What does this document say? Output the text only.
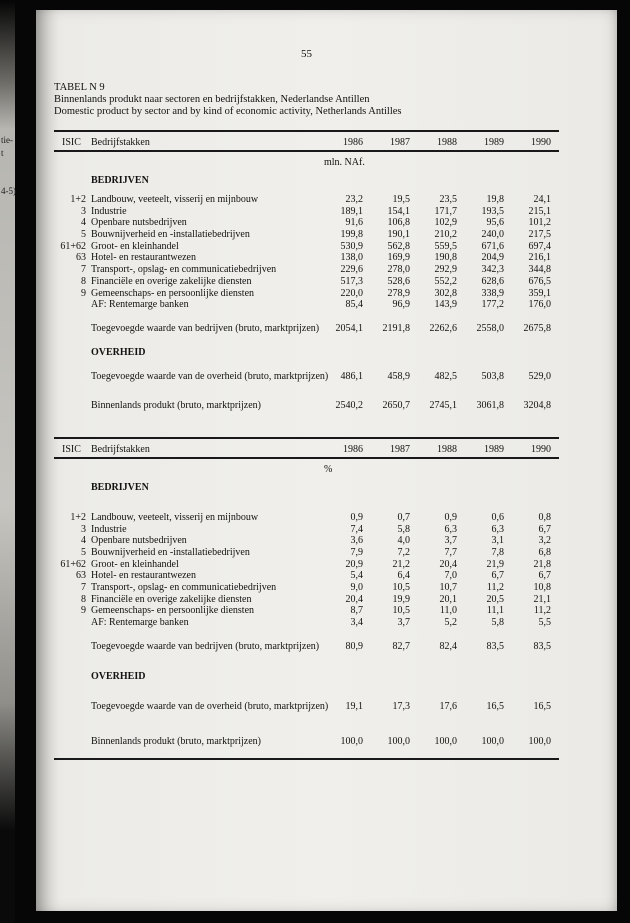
tie-
t
4-5)
55
TABEL N 9
Binnenlands produkt naar sectoren en bedrijfstakken, Nederlandse Antillen
Domestic product by sector and by kind of economic activity, Netherlands Antilles
ISIC	Bedrijfstakken	1986	1987	1988	1989	1990
mln. NAf.
BEDRIJVEN
1+2 Landbouw, veeteelt, visserij en mijnbouw	23,2	19,5	23,5	19,8	24,1
3 Industrie	189,1	154,1	171,7	193,5	215,1
4 Openbare nutsbedrijven	91,6	106,8	102,9	95,6	101,2
5 Bouwnijverheid en -installatiebedrijven	199,8	190,1	210,2	240,0	217,5
61+62 Groot- en kleinhandel	530,9	562,8	559,5	671,6	697,4
63 Hotel- en restaurantwezen	138,0	169,9	190,8	204,9	216,1
7 Transport-, opslag- en communicatiebedrijven	229,6	278,0	292,9	342,3	344,8
8 Financiële en overige zakelijke diensten	517,3	528,6	552,2	628,6	676,5
9 Gemeenschaps- en persoonlijke diensten	220,0	278,9	302,8	338,9	359,1
AF: Rentemarge banken	85,4	96,9	143,9	177,2	176,0
Toegevoegde waarde van bedrijven (bruto, marktprijzen)	2054,1	2191,8	2262,6	2558,0	2675,8
OVERHEID
Toegevoegde waarde van de overheid (bruto, marktprijzen)	486,1	458,9	482,5	503,8	529,0
Binnenlands produkt (bruto, marktprijzen)	2540,2	2650,7	2745,1	3061,8	3204,8
ISIC	Bedrijfstakken	1986	1987	1988	1989	1990
%
BEDRIJVEN
1+2 Landbouw, veeteelt, visserij en mijnbouw	0,9	0,7	0,9	0,6	0,8
3 Industrie	7,4	5,8	6,3	6,3	6,7
4 Openbare nutsbedrijven	3,6	4,0	3,7	3,1	3,2
5 Bouwnijverheid en -installatiebedrijven	7,9	7,2	7,7	7,8	6,8
61+62 Groot- en kleinhandel	20,9	21,2	20,4	21,9	21,8
63 Hotel- en restaurantwezen	5,4	6,4	7,0	6,7	6,7
7 Transport-, opslag- en communicatiebedrijven	9,0	10,5	10,7	11,2	10,8
8 Financiële en overige zakelijke diensten	20,4	19,9	20,1	20,5	21,1
9 Gemeenschaps- en persoonlijke diensten	8,7	10,5	11,0	11,1	11,2
AF: Rentemarge banken	3,4	3,7	5,2	5,8	5,5
Toegevoegde waarde van bedrijven (bruto, marktprijzen)	80,9	82,7	82,4	83,5	83,5
OVERHEID
Toegevoegde waarde van de overheid (bruto, marktprijzen)	19,1	17,3	17,6	16,5	16,5
Binnenlands produkt (bruto, marktprijzen)	100,0	100,0	100,0	100,0	100,0
